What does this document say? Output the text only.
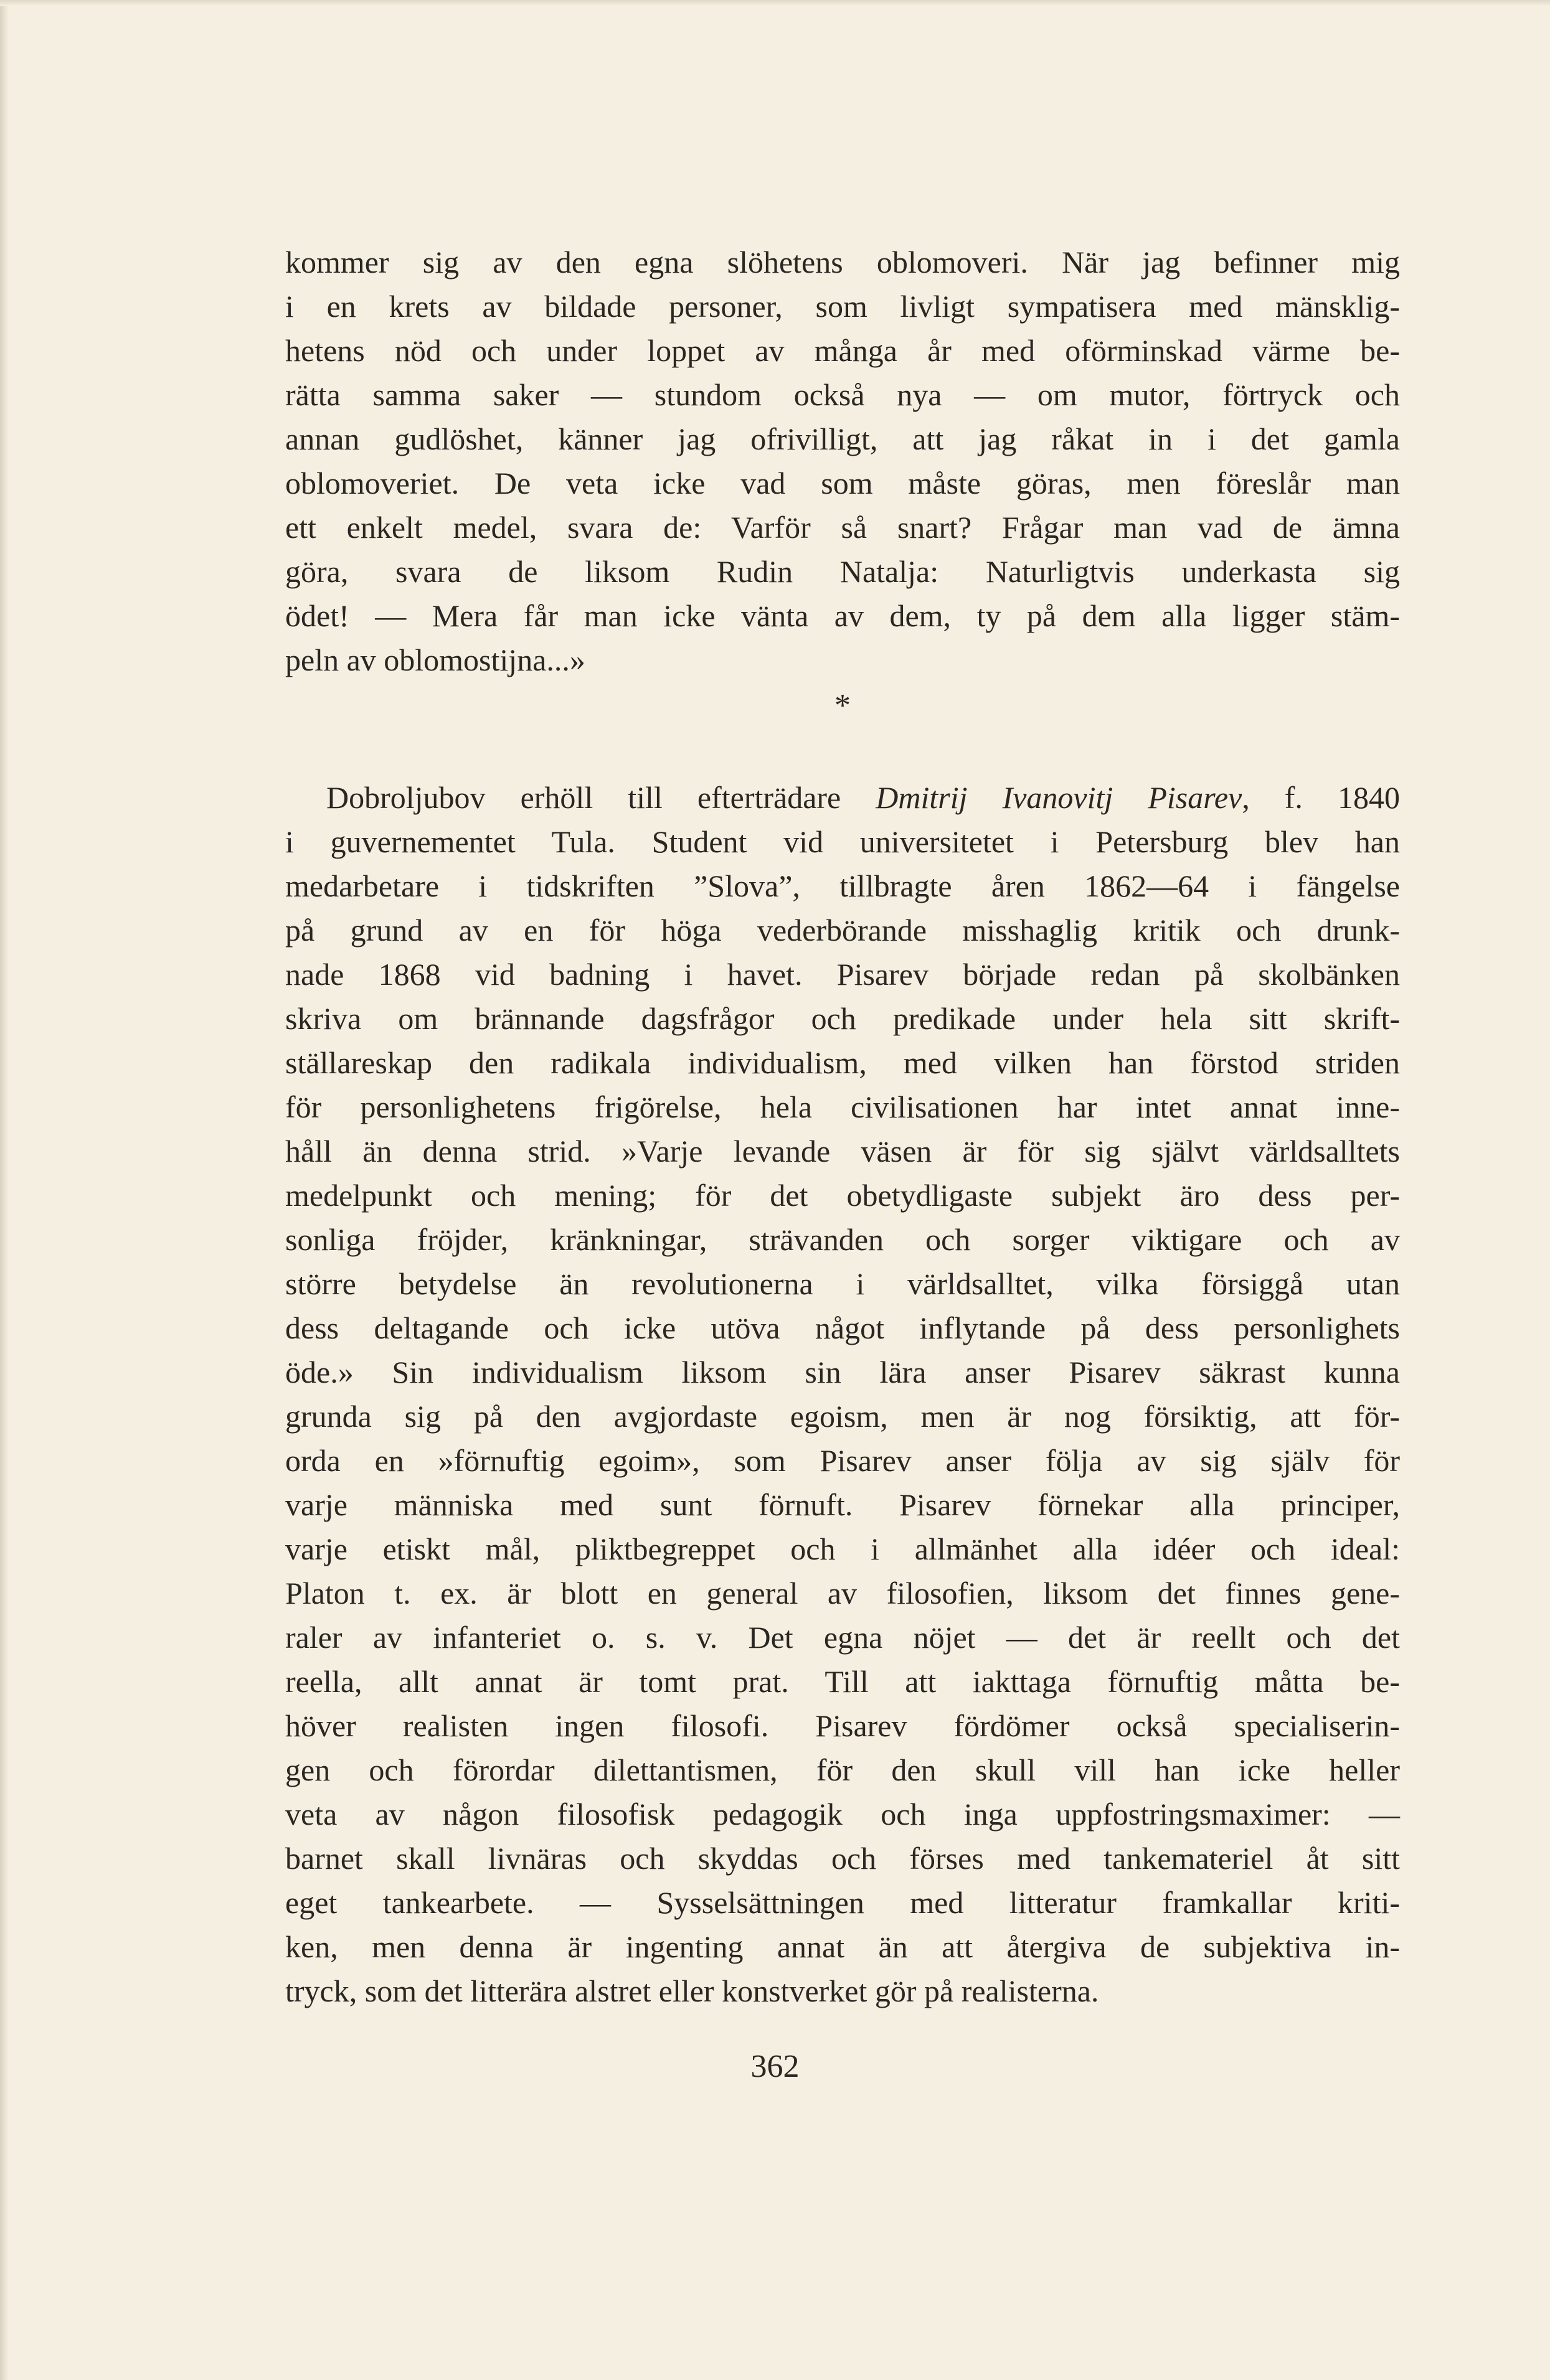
kommer sig av den egna slöhetens oblomoveri. När jag befinner mig
i en krets av bildade personer, som livligt sympatisera med mänsklig-
hetens nöd och under loppet av många år med oförminskad värme be-
rätta samma saker — stundom också nya — om mutor, förtryck och
annan gudlöshet, känner jag ofrivilligt, att jag råkat in i det gamla
oblomoveriet. De veta icke vad som måste göras, men föreslår man
ett enkelt medel, svara de: Varför så snart? Frågar man vad de ämna
göra, svara de liksom Rudin Natalja: Naturligtvis underkasta sig
ödet! — Mera får man icke vänta av dem, ty på dem alla ligger stäm-
peln av oblomostijna...»
*
Dobroljubov erhöll till efterträdare Dmitrij Ivanovitj Pisarev, f. 1840
i guvernementet Tula. Student vid universitetet i Petersburg blev han
medarbetare i tidskriften ”Slova”, tillbragte åren 1862—64 i fängelse
på grund av en för höga vederbörande misshaglig kritik och drunk-
nade 1868 vid badning i havet. Pisarev började redan på skolbänken
skriva om brännande dagsfrågor och predikade under hela sitt skrift-
ställareskap den radikala individualism, med vilken han förstod striden
för personlighetens frigörelse, hela civilisationen har intet annat inne-
håll än denna strid. »Varje levande väsen är för sig självt världsalltets
medelpunkt och mening; för det obetydligaste subjekt äro dess per-
sonliga fröjder, kränkningar, strävanden och sorger viktigare och av
större betydelse än revolutionerna i världsalltet, vilka försiggå utan
dess deltagande och icke utöva något inflytande på dess personlighets
öde.» Sin individualism liksom sin lära anser Pisarev säkrast kunna
grunda sig på den avgjordaste egoism, men är nog försiktig, att för-
orda en »förnuftig egoim», som Pisarev anser följa av sig själv för
varje människa med sunt förnuft. Pisarev förnekar alla principer,
varje etiskt mål, pliktbegreppet och i allmänhet alla idéer och ideal:
Platon t. ex. är blott en general av filosofien, liksom det finnes gene-
raler av infanteriet o. s. v. Det egna nöjet — det är reellt och det
reella, allt annat är tomt prat. Till att iakttaga förnuftig måtta be-
höver realisten ingen filosofi. Pisarev fördömer också specialiserin-
gen och förordar dilettantismen, för den skull vill han icke heller
veta av någon filosofisk pedagogik och inga uppfostringsmaximer: —
barnet skall livnäras och skyddas och förses med tankemateriel åt sitt
eget tankearbete. — Sysselsättningen med litteratur framkallar kriti-
ken, men denna är ingenting annat än att återgiva de subjektiva in-
tryck, som det litterära alstret eller konstverket gör på realisterna.
362
